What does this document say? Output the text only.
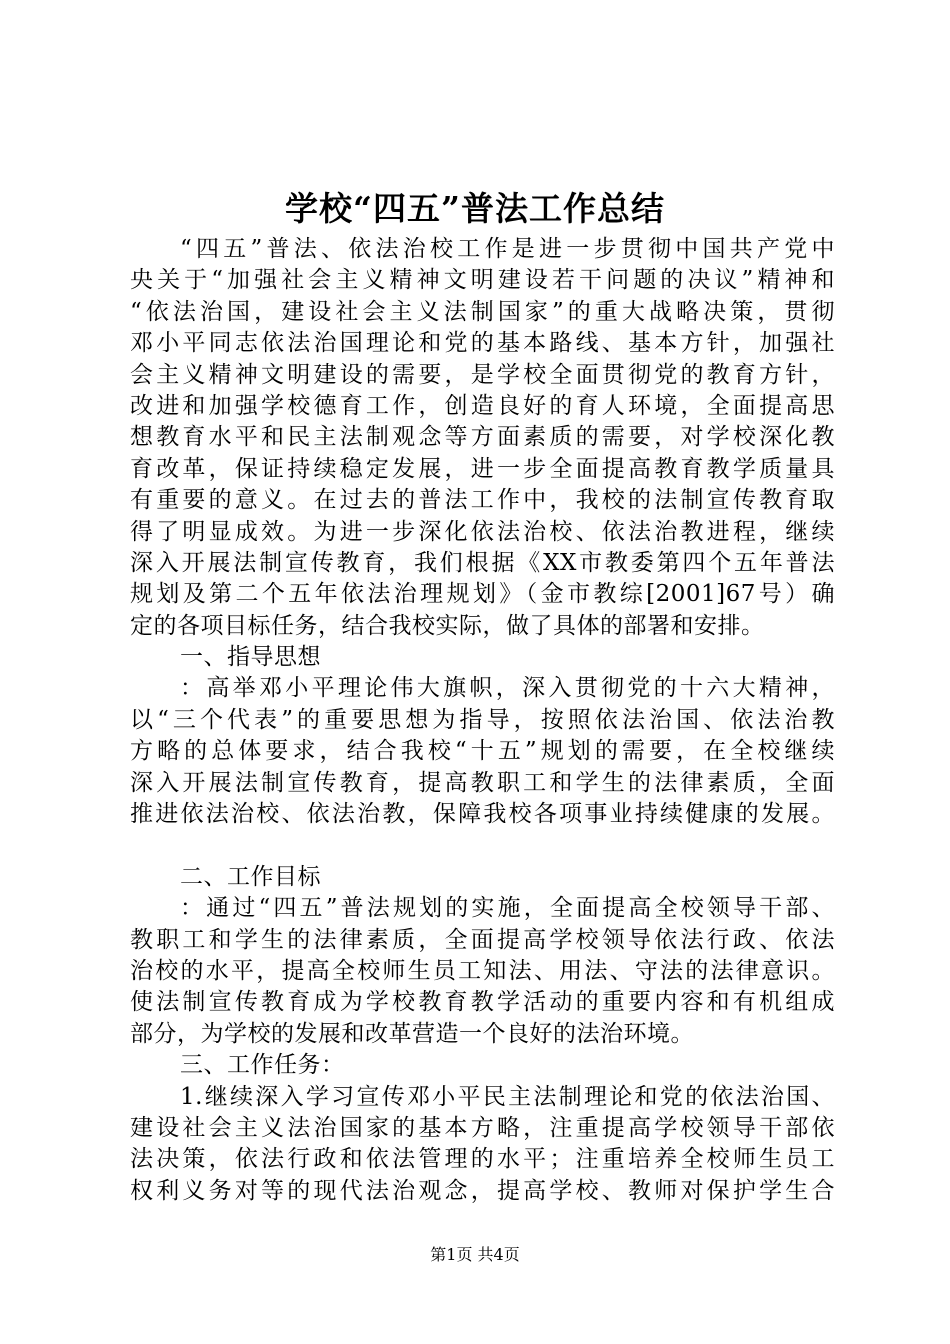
学校“四五”普法工作总结
“四五”普法、依法治校工作是进一步贯彻中国共产党中
央关于“加强社会主义精神文明建设若干问题的决议”精神和
“依法治国，建设社会主义法制国家”的重大战略决策，贯彻
邓小平同志依法治国理论和党的基本路线、基本方针，加强社
会主义精神文明建设的需要，是学校全面贯彻党的教育方针，
改进和加强学校德育工作，创造良好的育人环境，全面提高思
想教育水平和民主法制观念等方面素质的需要，对学校深化教
育改革，保证持续稳定发展，进一步全面提高教育教学质量具
有重要的意义。在过去的普法工作中，我校的法制宣传教育取
得了明显成效。为进一步深化依法治校、依法治教进程，继续
深入开展法制宣传教育，我们根据《XX市教委第四个五年普法
规划及第二个五年依法治理规划》（金市教综[2001]67号）确
定的各项目标任务，结合我校实际，做了具体的部署和安排。
一、指导思想
：高举邓小平理论伟大旗帜，深入贯彻党的十六大精神，
以“三个代表”的重要思想为指导，按照依法治国、依法治教
方略的总体要求，结合我校“十五”规划的需要，在全校继续
深入开展法制宣传教育，提高教职工和学生的法律素质，全面
推进依法治校、依法治教，保障我校各项事业持续健康的发展。
二、工作目标
：通过“四五”普法规划的实施，全面提高全校领导干部、
教职工和学生的法律素质，全面提高学校领导依法行政、依法
治校的水平，提高全校师生员工知法、用法、守法的法律意识。
使法制宣传教育成为学校教育教学活动的重要内容和有机组成
部分，为学校的发展和改革营造一个良好的法治环境。
三、工作任务：
1.继续深入学习宣传邓小平民主法制理论和党的依法治国、
建设社会主义法治国家的基本方略，注重提高学校领导干部依
法决策，依法行政和依法管理的水平；注重培养全校师生员工
权利义务对等的现代法治观念，提高学校、教师对保护学生合
第1页 共4页
